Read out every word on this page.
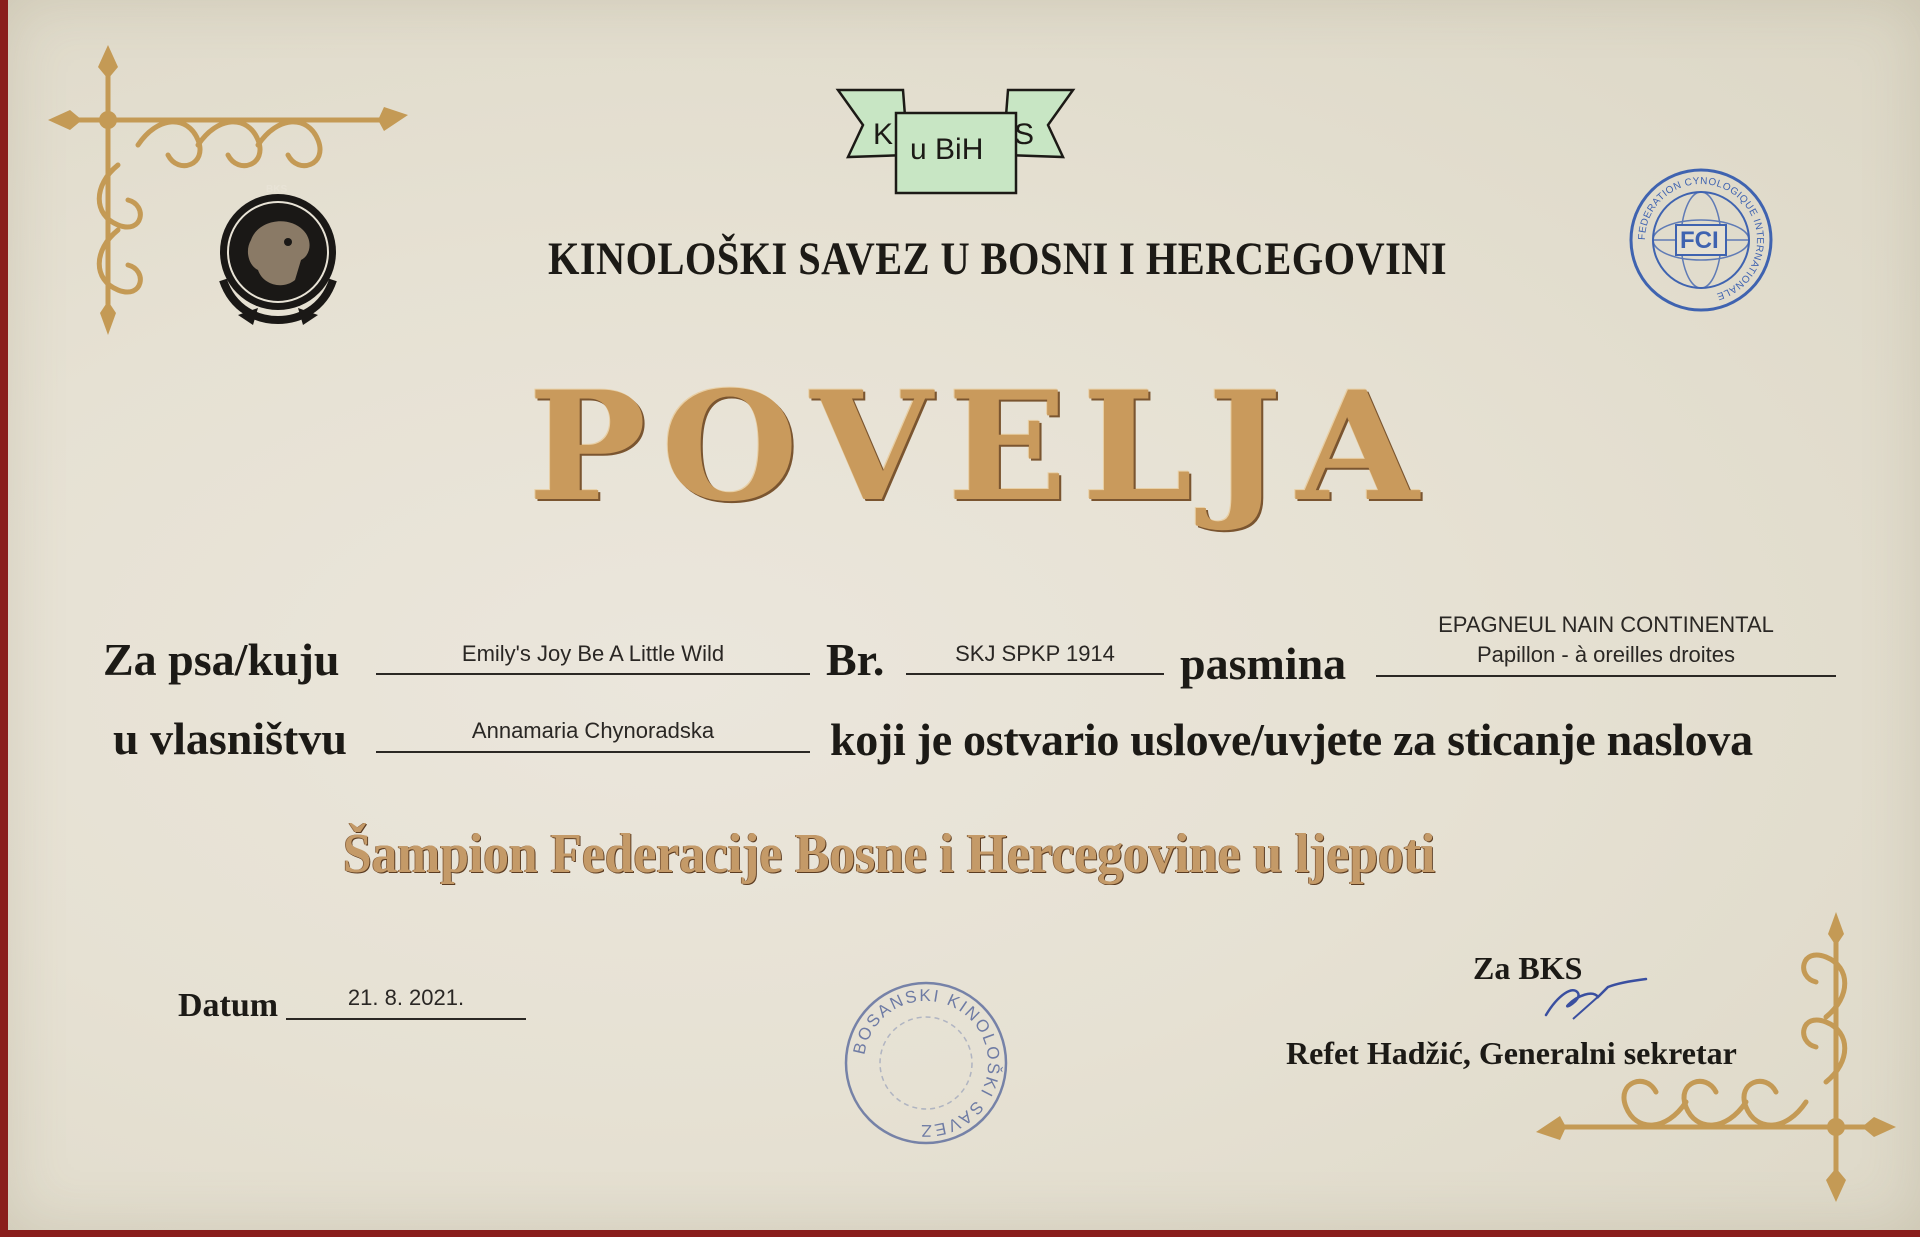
BKS
K u BiH S
FEDERATION CYNOLOGIQUE INTERNATIONALE
FCI
KINOLOŠKI SAVEZ U BOSNI I HERCEGOVINI
POVELJA
Za psa/kuju	Emily's Joy Be A Little Wild	Br.	SKJ SPKP 1914	pasmina
EPAGNEUL NAIN CONTINENTAL
Papillon - à oreilles droites
u vlasništvu	Annamaria Chynoradska	koji je ostvario uslove/uvjete za sticanje naslova
Šampion Federacije Bosne i Hercegovine u ljepoti
Datum	21. 8. 2021.
BOSANSKI KINOLOŠKI SAVEZ
Za BKS
Refet Hadžić, Generalni sekretar
